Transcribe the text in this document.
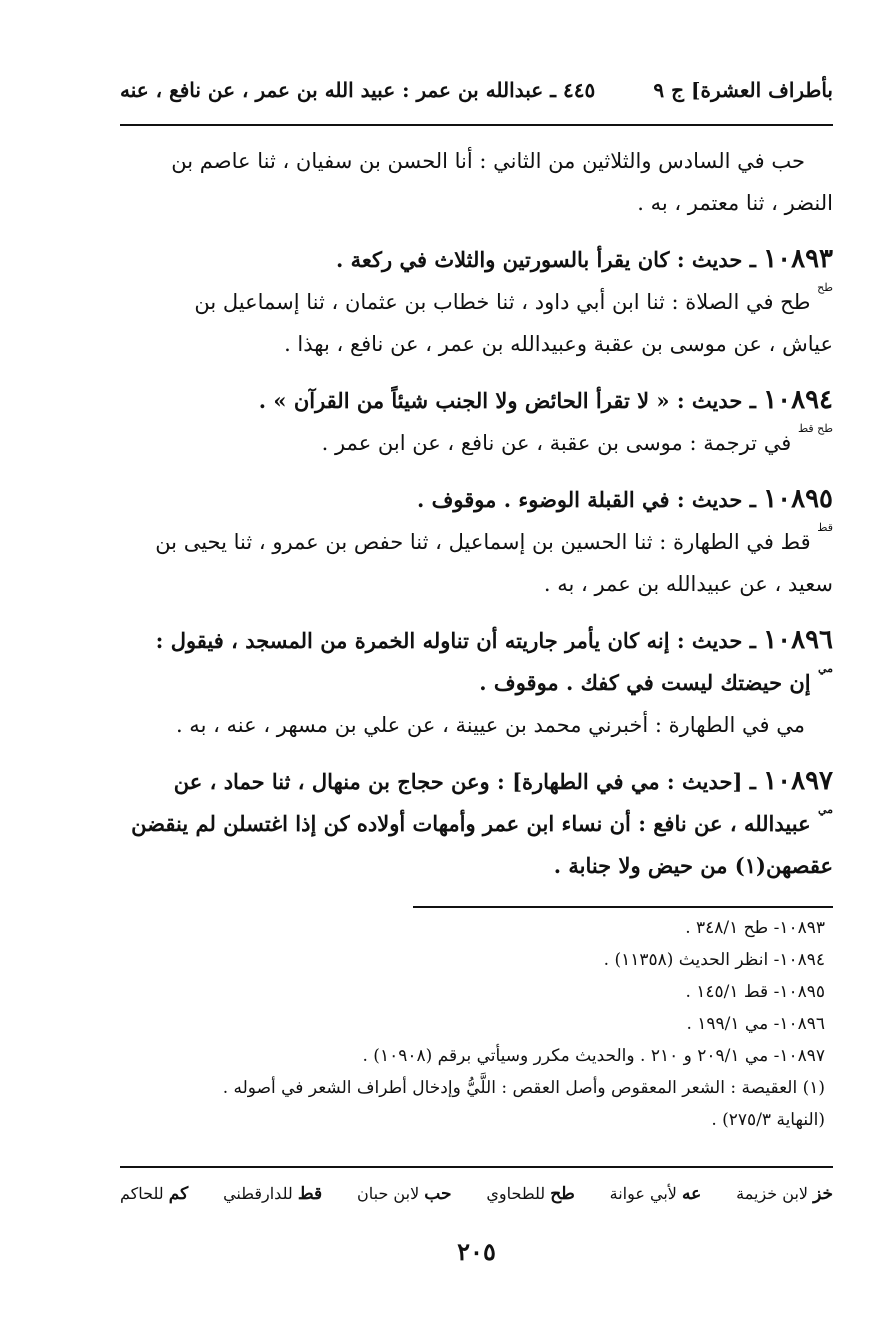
بأطراف العشرة] ج ٩
٤٤٥ ـ عبدالله بن عمر : عبيد الله بن عمر ، عن نافع ، عنه

حب في السادس والثلاثين من الثاني : أنا الحسن بن سفيان ، ثنا عاصم بن

النضر ، ثنا معتمر ، به .

١٠٨٩٣ ـ حديث : كان يقرأ بالسورتين والثلاث في ركعة .

طح طح في الصلاة : ثنا ابن أبي داود ، ثنا خطاب بن عثمان ، ثنا إسماعيل بن

عياش ، عن موسى بن عقبة وعبيدالله بن عمر ، عن نافع ، بهذا .

١٠٨٩٤ ـ حديث : « لا تقرأ الحائض ولا الجنب شيئاً من القرآن » .

طح قط في ترجمة : موسى بن عقبة ، عن نافع ، عن ابن عمر .

١٠٨٩٥ ـ حديث : في القبلة الوضوء . موقوف .

قط قط في الطهارة : ثنا الحسين بن إسماعيل ، ثنا حفص بن عمرو ، ثنا يحيى بن

سعيد ، عن عبيدالله بن عمر ، به .

١٠٨٩٦ ـ حديث : إنه كان يأمر جاريته أن تناوله الخمرة من المسجد ، فيقول :

مي إن حيضتك ليست في كفك . موقوف .

مي في الطهارة : أخبرني محمد بن عيينة ، عن علي بن مسهر ، عنه ، به .

١٠٨٩٧ ـ [حديث : مي في الطهارة] : وعن حجاج بن منهال ، ثنا حماد ، عن

مي عبيدالله ، عن نافع : أن نساء ابن عمر وأمهات أولاده كن إذا اغتسلن لم ينقضن

عقصهن(١) من حيض ولا جنابة .

١٠٨٩٣- طح ٣٤٨/١ .

١٠٨٩٤- انظر الحديث (١١٣٥٨) .

١٠٨٩٥- قط ١٤٥/١ .

١٠٨٩٦- مي ١٩٩/١ .

١٠٨٩٧- مي ٢٠٩/١ و ٢١٠ . والحديث مكرر وسيأتي برقم (١٠٩٠٨) .

(١) العقيصة : الشعر المعقوص وأصل العقص : اللَّيُّ وإدخال أطراف الشعر في أصوله .

(النهاية ٢٧٥/٣) .

خز لابن خزيمة
عه لأبي عوانة
طح للطحاوي
حب لابن حبان
قط للدارقطني
كم للحاكم
٢٠٥
